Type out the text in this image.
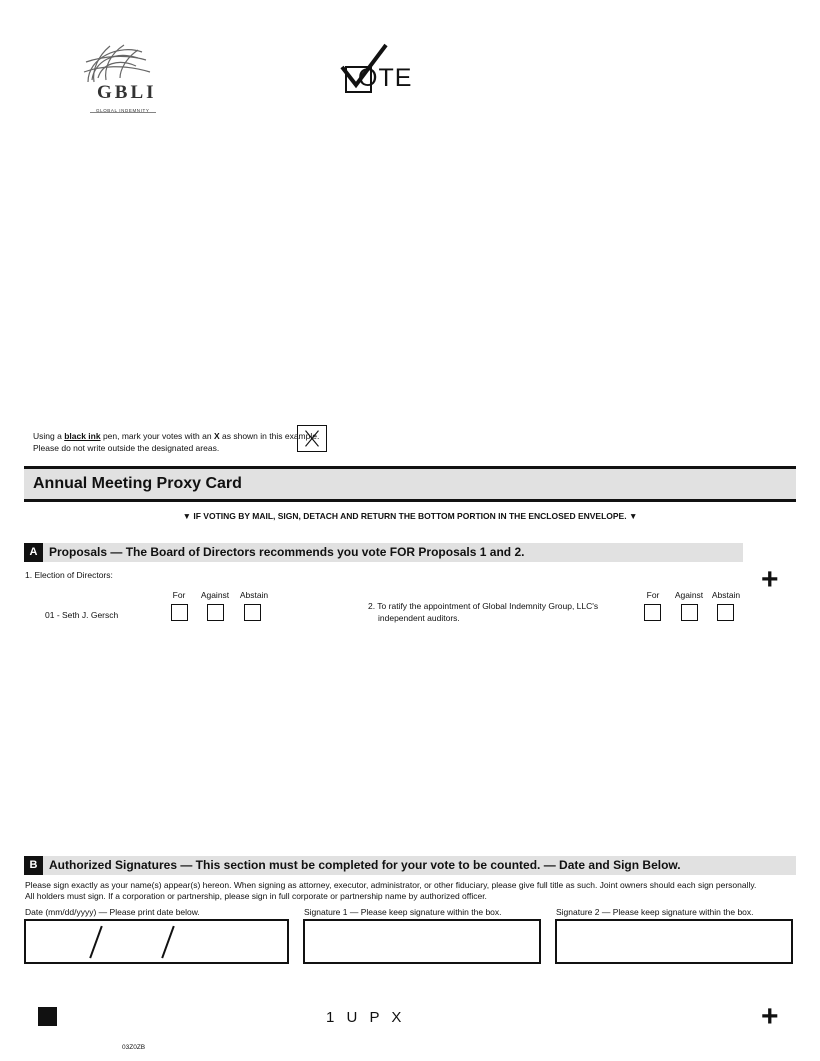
GBLI
GLOBAL INDEMNITY
OTE
Using a black ink pen, mark your votes with an X as shown in this example.
Please do not write outside the designated areas.
Annual Meeting Proxy Card
▼ IF VOTING BY MAIL, SIGN, DETACH AND RETURN THE BOTTOM PORTION IN THE ENCLOSED ENVELOPE. ▼
A Proposals — The Board of Directors recommends you vote FOR Proposals 1 and 2.
1. Election of Directors:	+
For	Against	Abstain
01 - Seth J. Gersch
2. To ratify the appointment of Global Indemnity Group, LLC's
independent auditors.
For	Against	Abstain
B Authorized Signatures — This section must be completed for your vote to be counted. — Date and Sign Below.
Please sign exactly as your name(s) appear(s) hereon. When signing as attorney, executor, administrator, or other fiduciary, please give full title as such. Joint owners should each sign personally.
All holders must sign. If a corporation or partnership, please sign in full corporate or partnership name by authorized officer.
Date (mm/dd/yyyy) — Please print date below.	Signature 1 — Please keep signature within the box.	Signature 2 — Please keep signature within the box.
1 U P X	+
03Z0ZB
